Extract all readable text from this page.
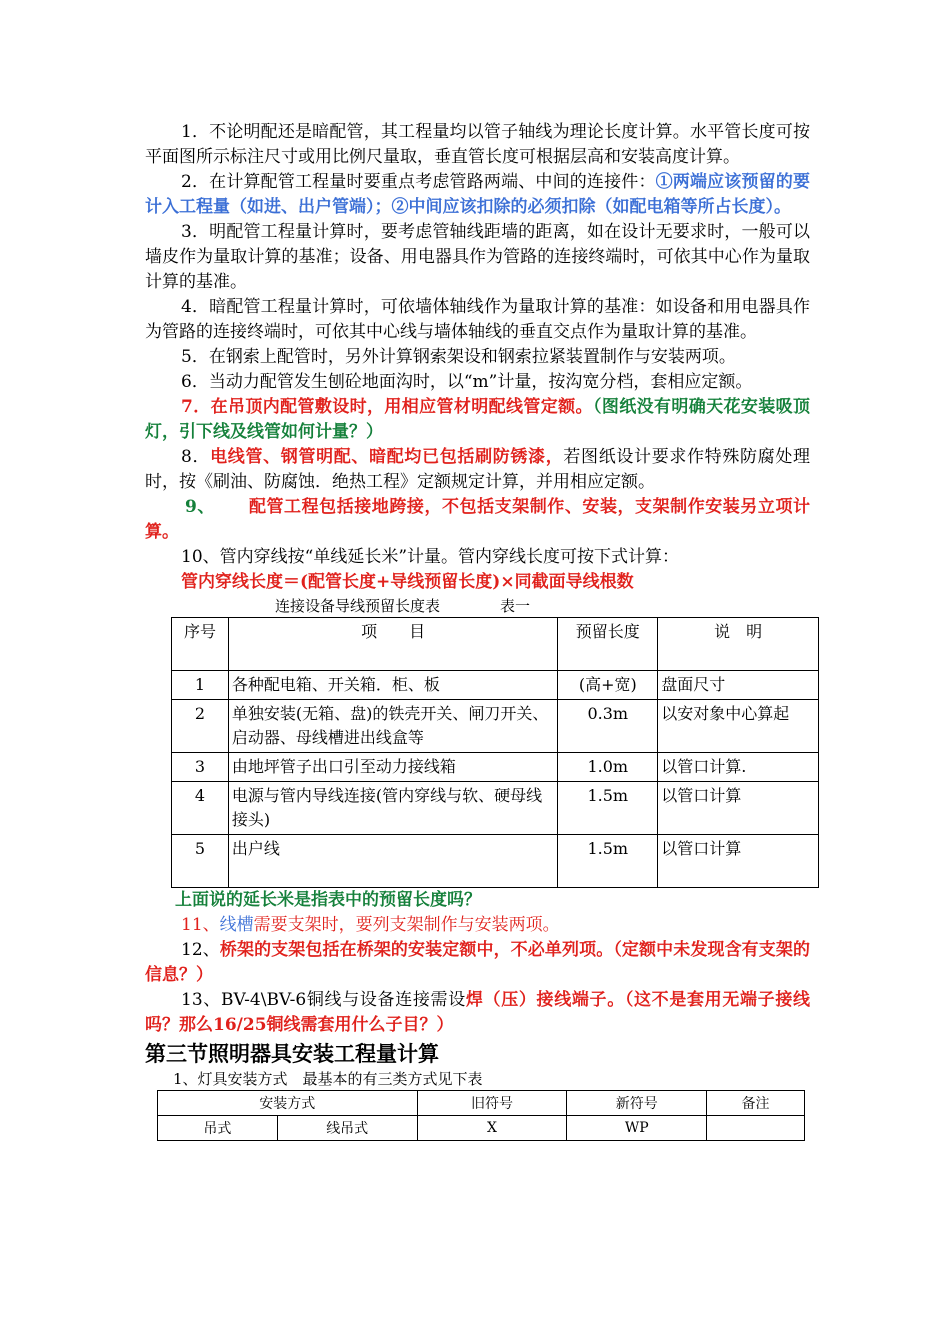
1．不论明配还是暗配管，其工程量均以管子轴线为理论长度计算。水平管长度可按平面图所示标注尺寸或用比例尺量取，垂直管长度可根据层高和安装高度计算。

2．在计算配管工程量时要重点考虑管路两端、中间的连接件：①两端应该预留的要计入工程量（如进、出户管端）；②中间应该扣除的必须扣除（如配电箱等所占长度）。

3．明配管工程量计算时，要考虑管轴线距墙的距离，如在设计无要求时，一般可以墙皮作为量取计算的基准；设备、用电器具作为管路的连接终端时，可依其中心作为量取计算的基准。

4．暗配管工程量计算时，可依墙体轴线作为量取计算的基准：如设备和用电器具作为管路的连接终端时，可依其中心线与墙体轴线的垂直交点作为量取计算的基准。

5．在钢索上配管时，另外计算钢索架设和钢索拉紧装置制作与安装两项。

6．当动力配管发生刨砼地面沟时，以“m”计量，按沟宽分档，套相应定额。

7．在吊顶内配管敷设时，用相应管材明配线管定额。（图纸没有明确天花安装吸顶灯，引下线及线管如何计量？）

8．电线管、钢管明配、暗配均已包括刷防锈漆，若图纸设计要求作特殊防腐处理时，按《刷油、防腐蚀．绝热工程》定额规定计算，并用相应定额。

9、 配管工程包括接地跨接，不包括支架制作、安装，支架制作安装另立项计算。

10、管内穿线按“单线延长米”计量。管内穿线长度可按下式计算：

管内穿线长度＝(配管长度+导线预留长度)×同截面导线根数
连接设备导线预留长度表	表一
序号	项　　目	预留长度	说　明
1	各种配电箱、开关箱．柜、板	(高+宽)	盘面尺寸
2	单独安装(无箱、盘)的铁壳开关、闸刀开关、启动器、母线槽进出线盒等	0.3m	以安对象中心算起
3	由地坪管子出口引至动力接线箱	1.0m	以管口计算.
4	电源与管内导线连接(管内穿线与软、硬母线接头)	1.5m	以管口计算
5	出户线	1.5m	以管口计算

上面说的延长米是指表中的预留长度吗？

11、线槽需要支架时，要列支架制作与安装两项。

12、桥架的支架包括在桥架的安装定额中，不必单列项。（定额中未发现含有支架的信息？）

13、BV-4\BV-6铜线与设备连接需设焊（压）接线端子。（这不是套用无端子接线吗？那么16/25铜线需套用什么子目？）

第三节照明器具安装工程量计算
1、灯具安装方式　最基本的有三类方式见下表
安装方式		旧符号	新符号	备注
吊式	线吊式	X	WP	
